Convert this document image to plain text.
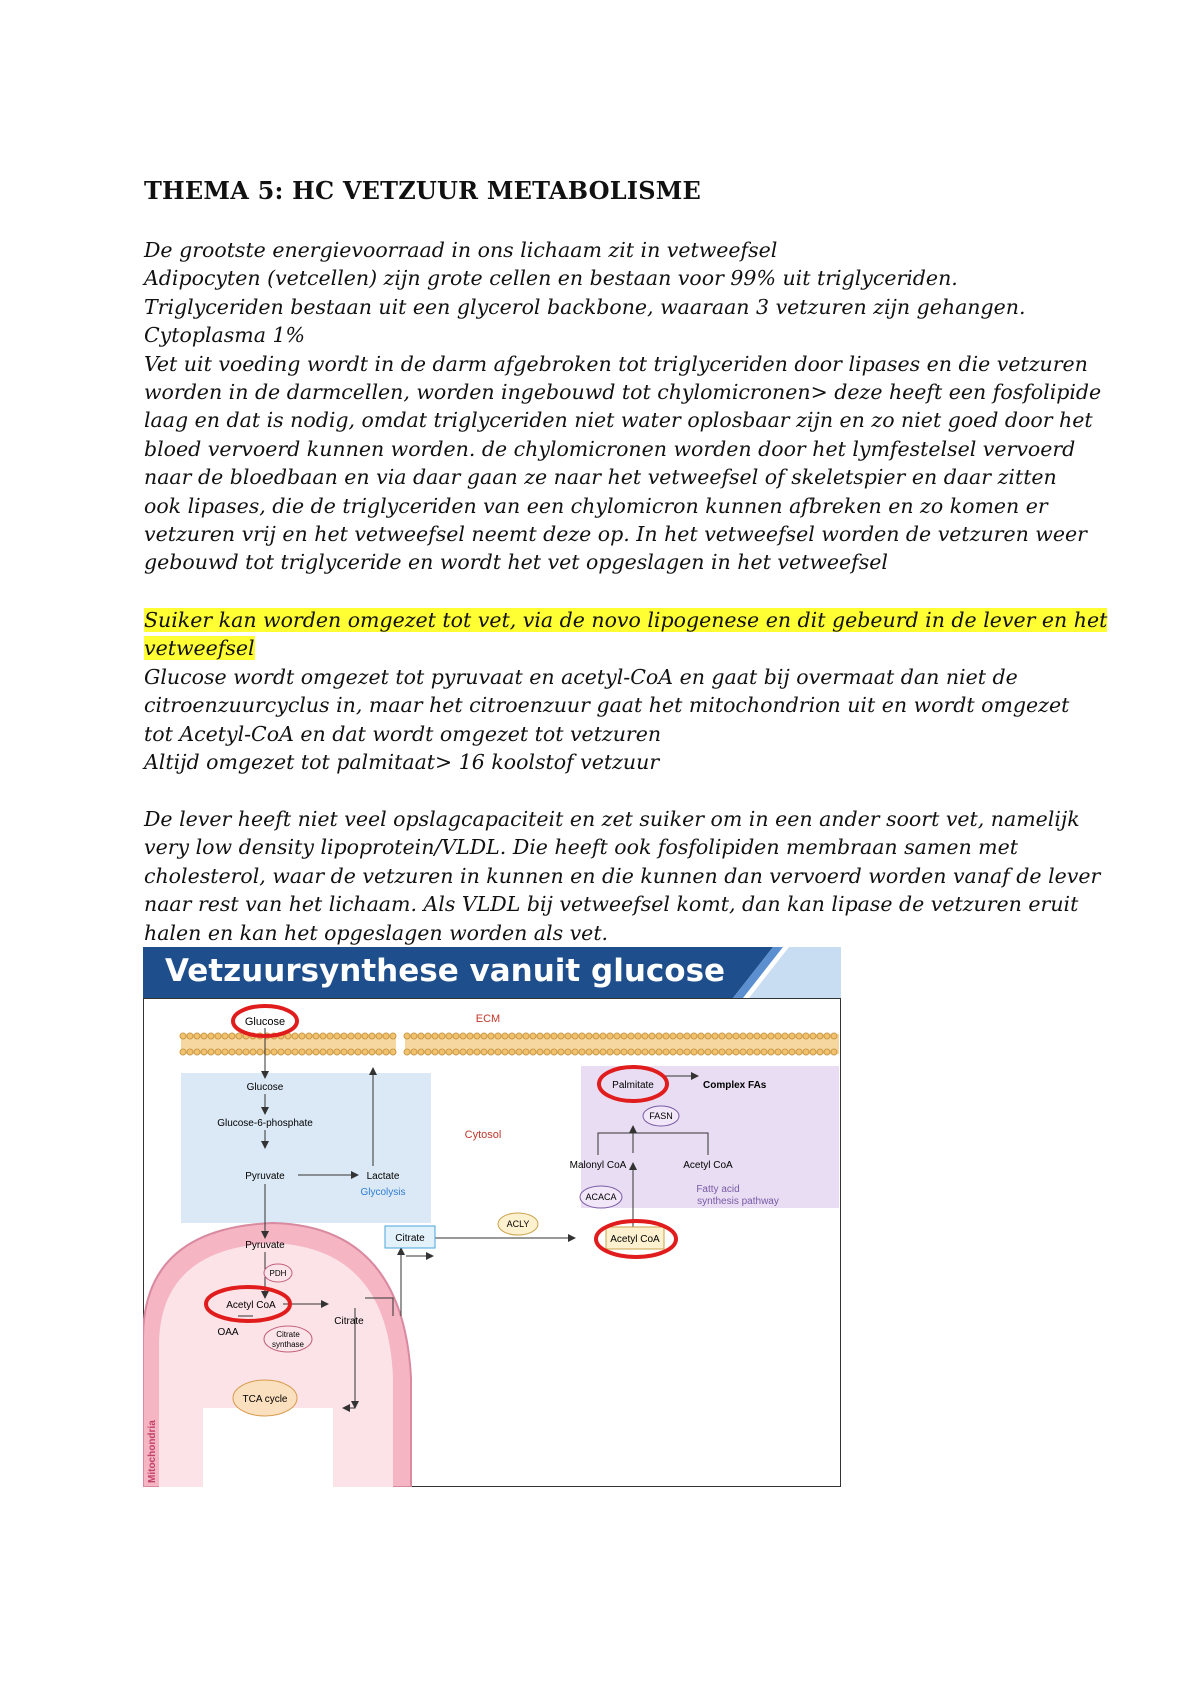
THEMA 5: HC VETZUUR METABOLISME
De grootste energievoorraad in ons lichaam zit in vetweefsel
Adipocyten (vetcellen) zijn grote cellen en bestaan voor 99% uit triglyceriden.
Triglyceriden bestaan uit een glycerol backbone, waaraan 3 vetzuren zijn gehangen.
Cytoplasma 1%
Vet uit voeding wordt in de darm afgebroken tot triglyceriden door lipases en die vetzuren
worden in de darmcellen, worden ingebouwd tot chylomicronen> deze heeft een fosfolipide
laag en dat is nodig, omdat triglyceriden niet water oplosbaar zijn en zo niet goed door het
bloed vervoerd kunnen worden. de chylomicronen worden door het lymfestelsel vervoerd
naar de bloedbaan en via daar gaan ze naar het vetweefsel of skeletspier en daar zitten
ook lipases, die de triglyceriden van een chylomicron kunnen afbreken en zo komen er
vetzuren vrij en het vetweefsel neemt deze op. In het vetweefsel worden de vetzuren weer
gebouwd tot triglyceride en wordt het vet opgeslagen in het vetweefsel
Suiker kan worden omgezet tot vet, via de novo lipogenese en dit gebeurd in de lever en het
vetweefsel
Glucose wordt omgezet tot pyruvaat en acetyl-CoA en gaat bij overmaat dan niet de
citroenzuurcyclus in, maar het citroenzuur gaat het mitochondrion uit en wordt omgezet
tot Acetyl-CoA en dat wordt omgezet tot vetzuren
Altijd omgezet tot palmitaat> 16 koolstof vetzuur
De lever heeft niet veel opslagcapaciteit en zet suiker om in een ander soort vet, namelijk
very low density lipoprotein/VLDL. Die heeft ook fosfolipiden membraan samen met
cholesterol, waar de vetzuren in kunnen en die kunnen dan vervoerd worden vanaf de lever
naar rest van het lichaam. Als VLDL bij vetweefsel komt, dan kan lipase de vetzuren eruit
halen en kan het opgeslagen worden als vet.
Vetzuursynthese vanuit glucose
Glucose	ECM
Glucose
Glucose-6-phosphate
Pyruvate	Lactate
Glycolysis
Cytosol
Palmitate	Complex FAs
FASN
Malonyl CoA	Acetyl CoA
ACACA
Fatty acid
synthesis pathway
ACLY
Citrate	Acetyl CoA
Pyruvate
PDH
Acetyl CoA
Citrate
OAA	Citrate
synthase
TCA cycle
Mitochondria
